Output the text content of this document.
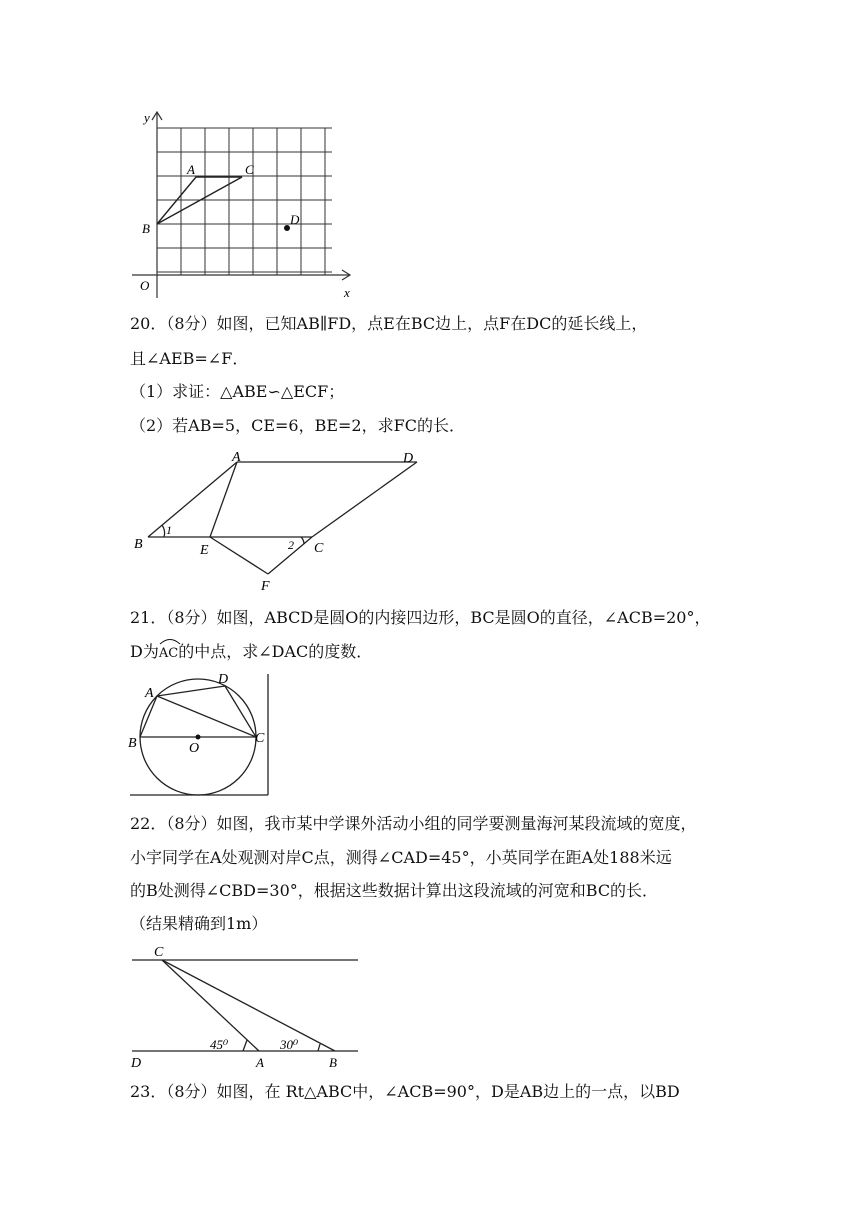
y
x
O
A
B
C
D
20．（8分）如图，已知AB∥FD，点E在BC边上，点F在DC的延长线上，
且∠AEB=∠F．
（1）求证：△ABE∽△ECF；
（2）若AB=5，CE=6，BE=2，求FC的长．
A	D
B	E	C
F
1
2
21．（8分）如图，ABCD是圆O的内接四边形，BC是圆O的直径，∠ACB=20°，
D为AC
的中点，求∠DAC的度数．
A
D
B	O
C
22．（8分）如图，我市某中学课外活动小组的同学要测量海河某段流域的宽度，
小宇同学在A处观测对岸C点，测得∠CAD=45°，小英同学在距A处188米远
的B处测得∠CBD=30°，根据这些数据计算出这段流域的河宽和BC的长．
（结果精确到1m）
C
D	A	B
45⁰	30⁰
23．（8分）如图，在 Rt△ABC中，∠ACB=90°，D是AB边上的一点，以BD
